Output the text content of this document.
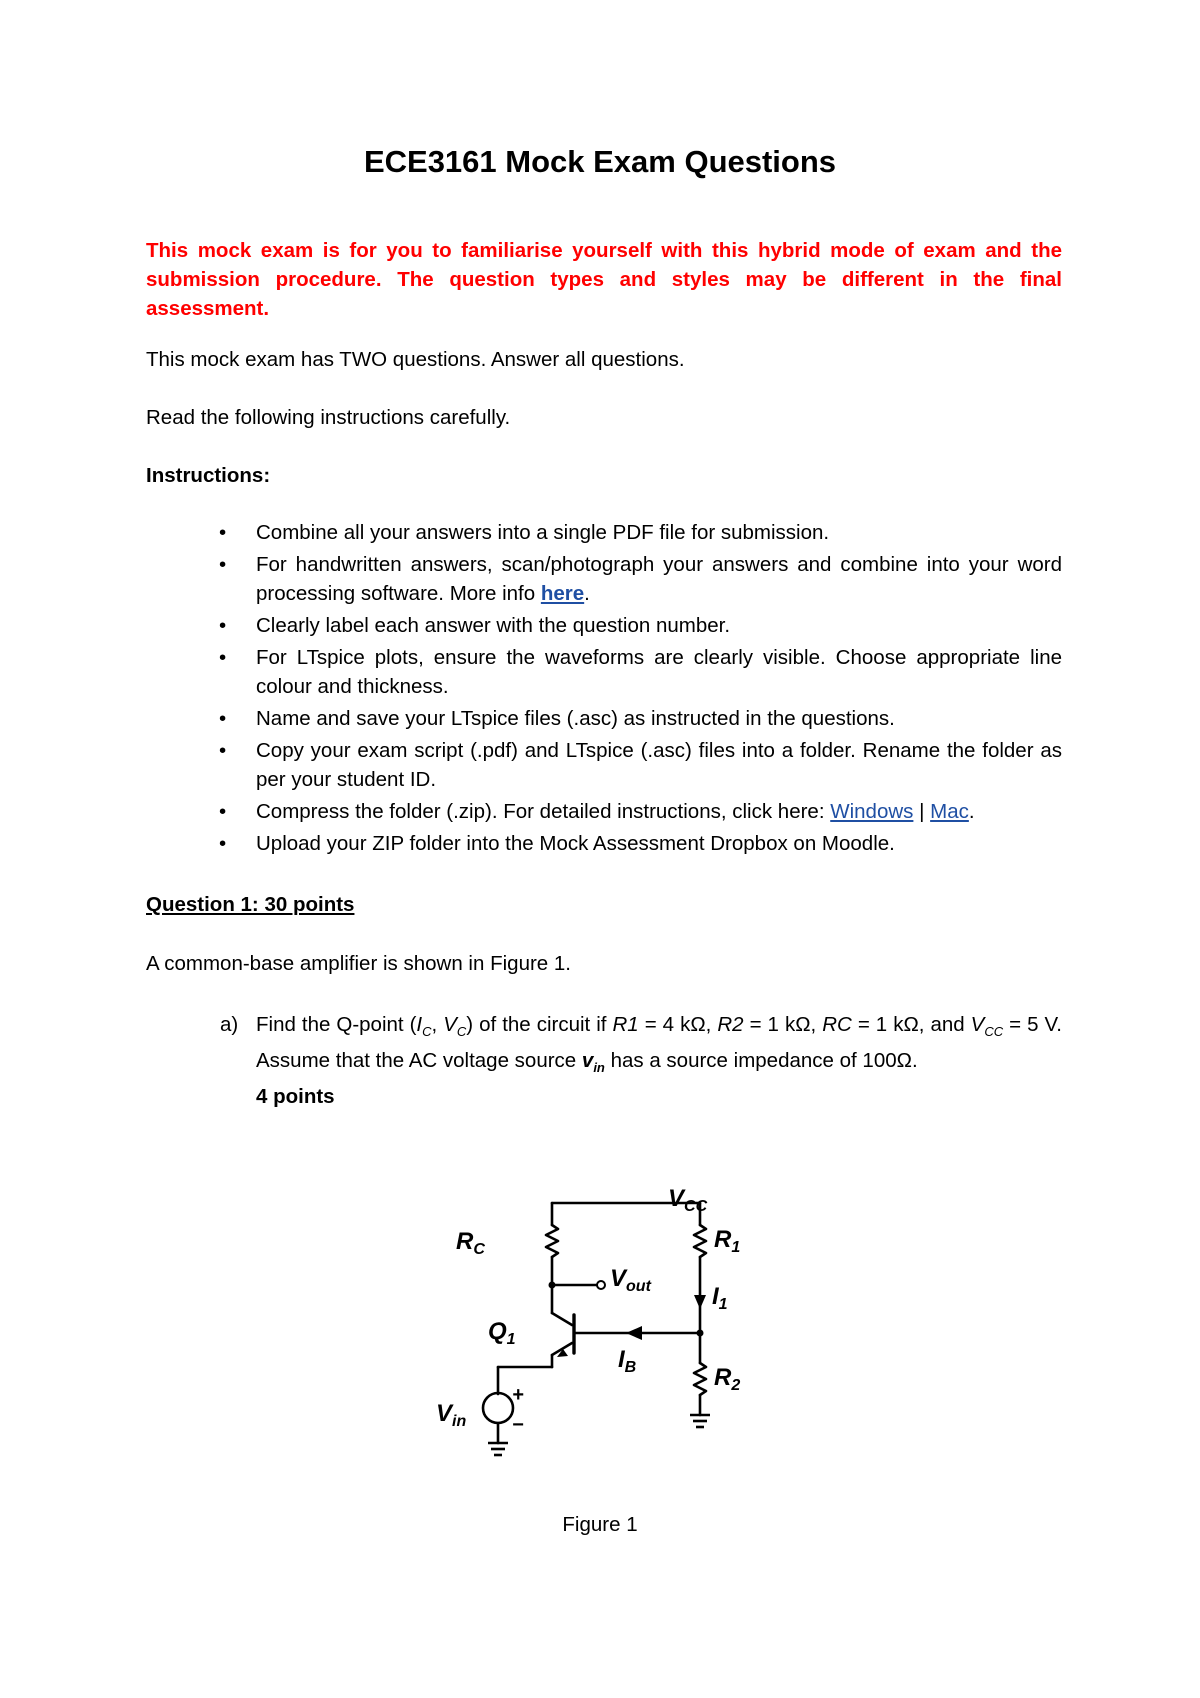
ECE3161 Mock Exam Questions
This mock exam is for you to familiarise yourself with this hybrid mode of exam and the submission procedure. The question types and styles may be different in the final assessment.
This mock exam has TWO questions. Answer all questions.
Read the following instructions carefully.
Instructions:
• Combine all your answers into a single PDF file for submission.
• For handwritten answers, scan/photograph your answers and combine into your word processing software. More info here.
• Clearly label each answer with the question number.
• For LTspice plots, ensure the waveforms are clearly visible. Choose appropriate line colour and thickness.
• Name and save your LTspice files (.asc) as instructed in the questions.
• Copy your exam script (.pdf) and LTspice (.asc) files into a folder. Rename the folder as per your student ID.
• Compress the folder (.zip). For detailed instructions, click here: Windows | Mac.
• Upload your ZIP folder into the Mock Assessment Dropbox on Moodle.
Question 1: 30 points
A common-base amplifier is shown in Figure 1.
a) Find the Q-point ($I_C$, $V_C$) of the circuit if R1 = 4 kΩ, R2 = 1 kΩ, RC = 1 kΩ, and $V_{CC} = 5$ V. Assume that the AC voltage source $v_{in}$ has a source impedance of 100Ω.
4 points
$V_{CC}$
$R_C$	$R_1$
$V_{out}$	$I_1$
$Q_1$
$I_B$	$R_2$
$V_{in}$
+
−
Figure 1
